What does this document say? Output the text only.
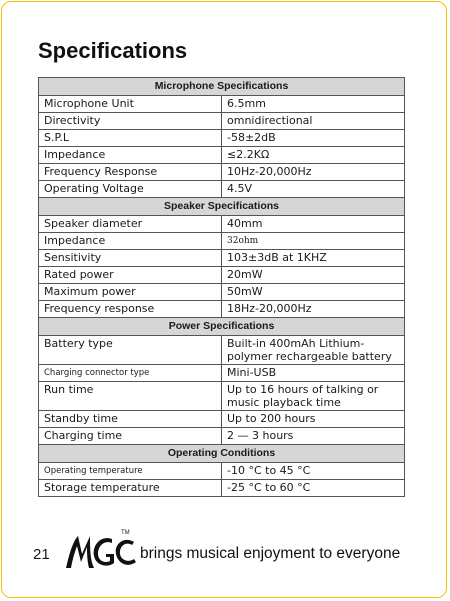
Specifications
Microphone Specifications	
Microphone Unit	6.5mm
Directivity	omnidirectional
S.P.L	-58±2dB
Impedance	≤2.2KΩ
Frequency Response	10Hz-20,000Hz
Operating Voltage	4.5V
Speaker Specifications	
Speaker diameter	40mm
Impedance	32ohm
Sensitivity	103±3dB at 1KHZ
Rated power	20mW
Maximum power	50mW
Frequency response	18Hz-20,000Hz
Power Specifications	
Battery type	Built-in 400mAh Lithium-polymer rechargeable battery
Charging connector type	Mini-USB
Run time	Up to 16 hours of talking or music playback time
Standby time	Up to 200 hours
Charging time	2 — 3 hours
Operating Conditions	
Operating temperature	-10 °C to 45 °C
Storage temperature	-25 °C to 60 °C
21
TM
brings musical enjoyment to everyone
